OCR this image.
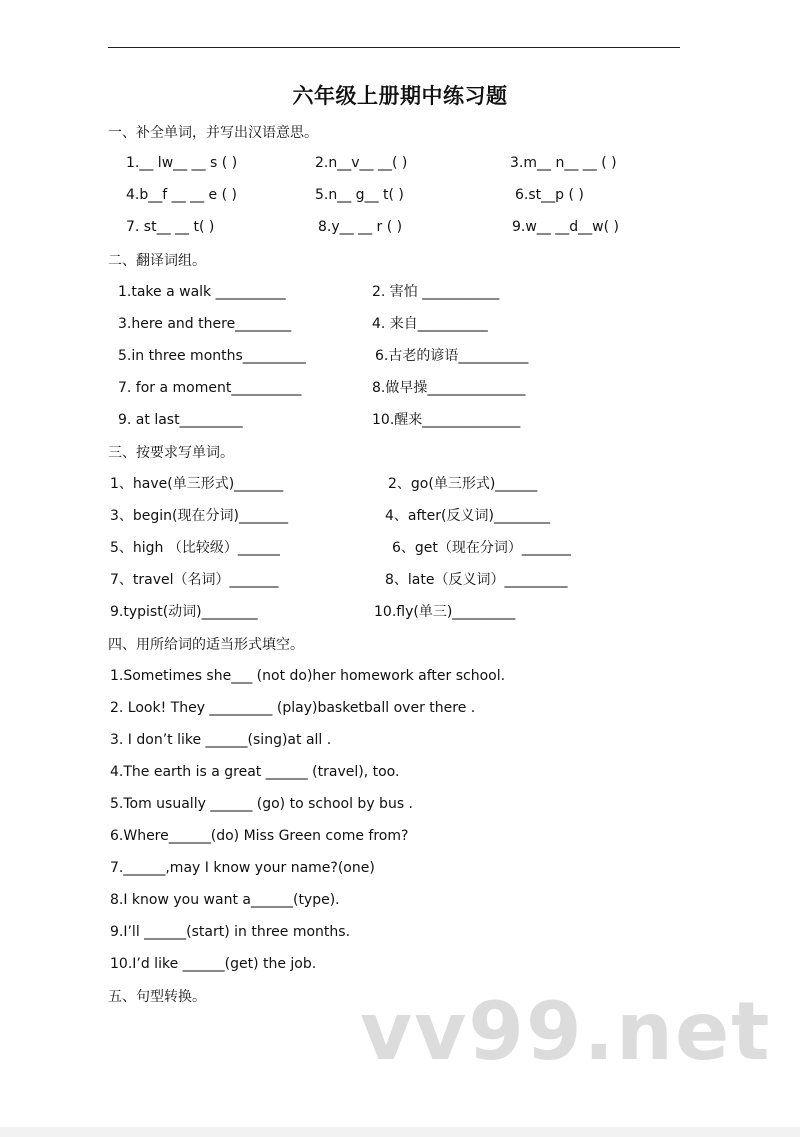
六年级上册期中练习题
一、补全单词，并写出汉语意思。
1.__ lw__ __ s ( )	2.n__v__ __( )	3.m__ n__ __ ( )
4.b__f __ __ e ( )	5.n__ g__ t( )	6.st__p ( )
7. st__ __ t( )	8.y__ __ r ( )	9.w__ __d__w( )
二、翻译词组。
1.take a walk __________	2. 害怕 ___________
3.here and there________	4. 来自__________
5.in three months_________	6.古老的谚语__________
7. for a moment__________	8.做早操______________
9. at last_________	10.醒来______________
三、按要求写单词。
1、have(单三形式)_______	2、go(单三形式)______
3、begin(现在分词)_______	4、after(反义词)________
5、high （比较级）______	6、get（现在分词）_______
7、travel（名词）_______	8、late（反义词）_________
9.typist(动词)________	10.fly(单三)_________
四、用所给词的适当形式填空。
1.Sometimes she___ (not do)her homework after school.
2. Look! They _________ (play)basketball over there .
3. I don’t like ______(sing)at all .
4.The earth is a great ______ (travel), too.
5.Tom usually ______ (go) to school by bus .
6.Where______(do) Miss Green come from?
7.______,may I know your name?(one)
8.I know you want a______(type).
9.I’ll ______(start) in three months.
10.I’d like ______(get) the job.
五、句型转换。 vv99.net
